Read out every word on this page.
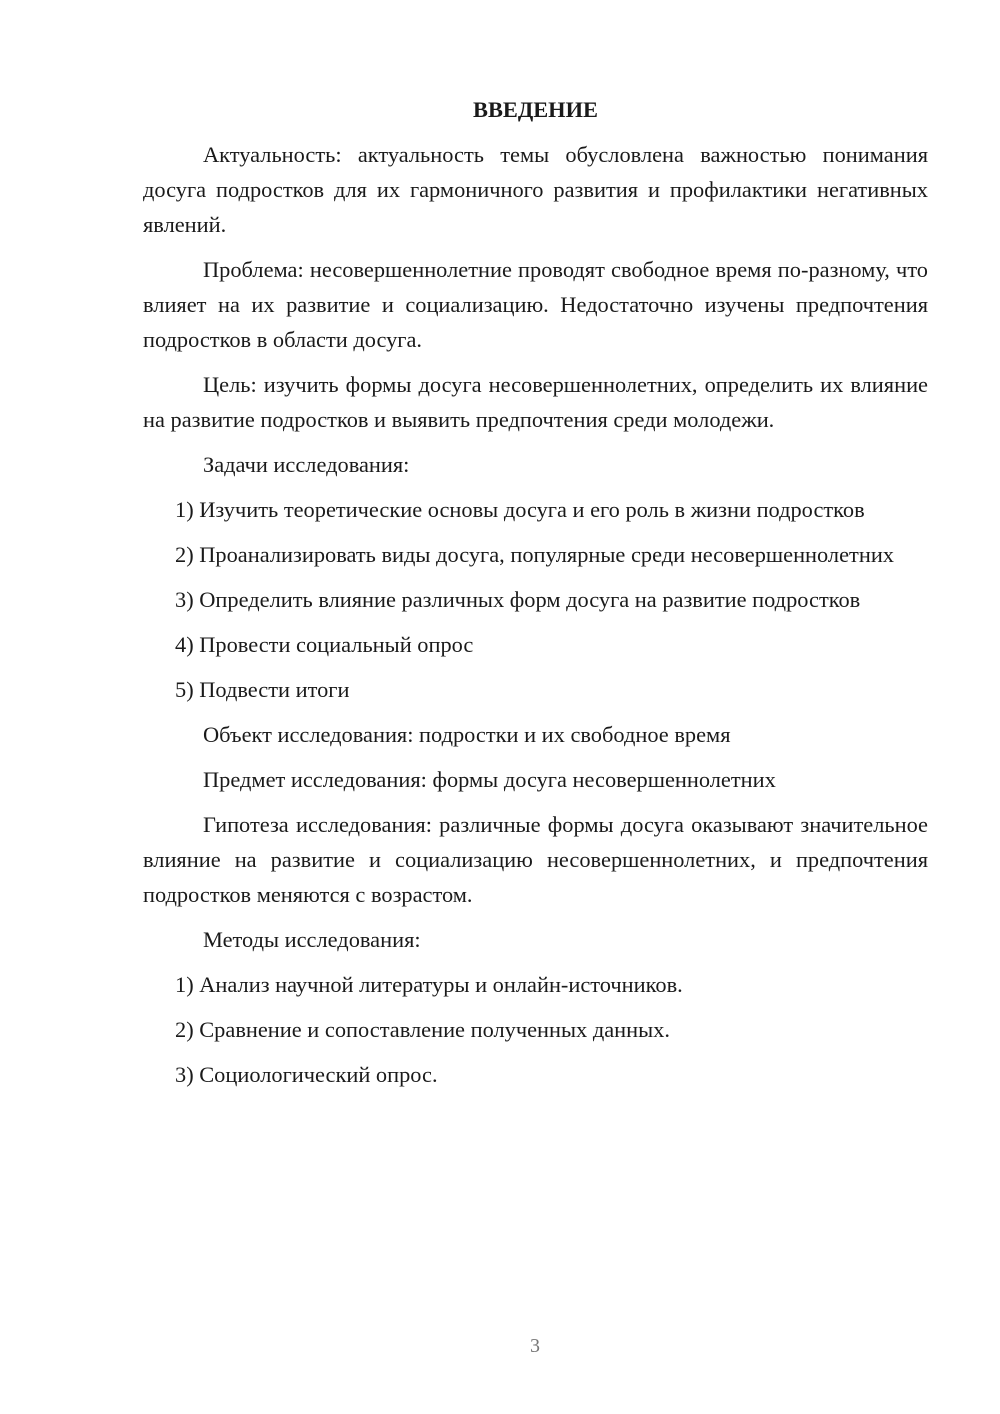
ВВЕДЕНИЕ

Актуальность: актуальность темы обусловлена важностью понимания досуга подростков для их гармоничного развития и профилактики негативных явлений.

Проблема: несовершеннолетние проводят свободное время по-разному, что влияет на их развитие и социализацию. Недостаточно изучены предпочтения подростков в области досуга.

Цель: изучить формы досуга несовершеннолетних, определить их влияние на развитие подростков и выявить предпочтения среди молодежи.

Задачи исследования:

1) Изучить теоретические основы досуга и его роль в жизни подростков

2) Проанализировать виды досуга, популярные среди несовершеннолетних

3) Определить влияние различных форм досуга на развитие подростков

4) Провести социальный опрос

5) Подвести итоги

Объект исследования: подростки и их свободное время

Предмет исследования: формы досуга несовершеннолетних

Гипотеза исследования: различные формы досуга оказывают значительное влияние на развитие и социализацию несовершеннолетних, и предпочтения подростков меняются с возрастом.

Методы исследования:

1) Анализ научной литературы и онлайн-источников.

2) Сравнение и сопоставление полученных данных.

3) Социологический опрос.

3
